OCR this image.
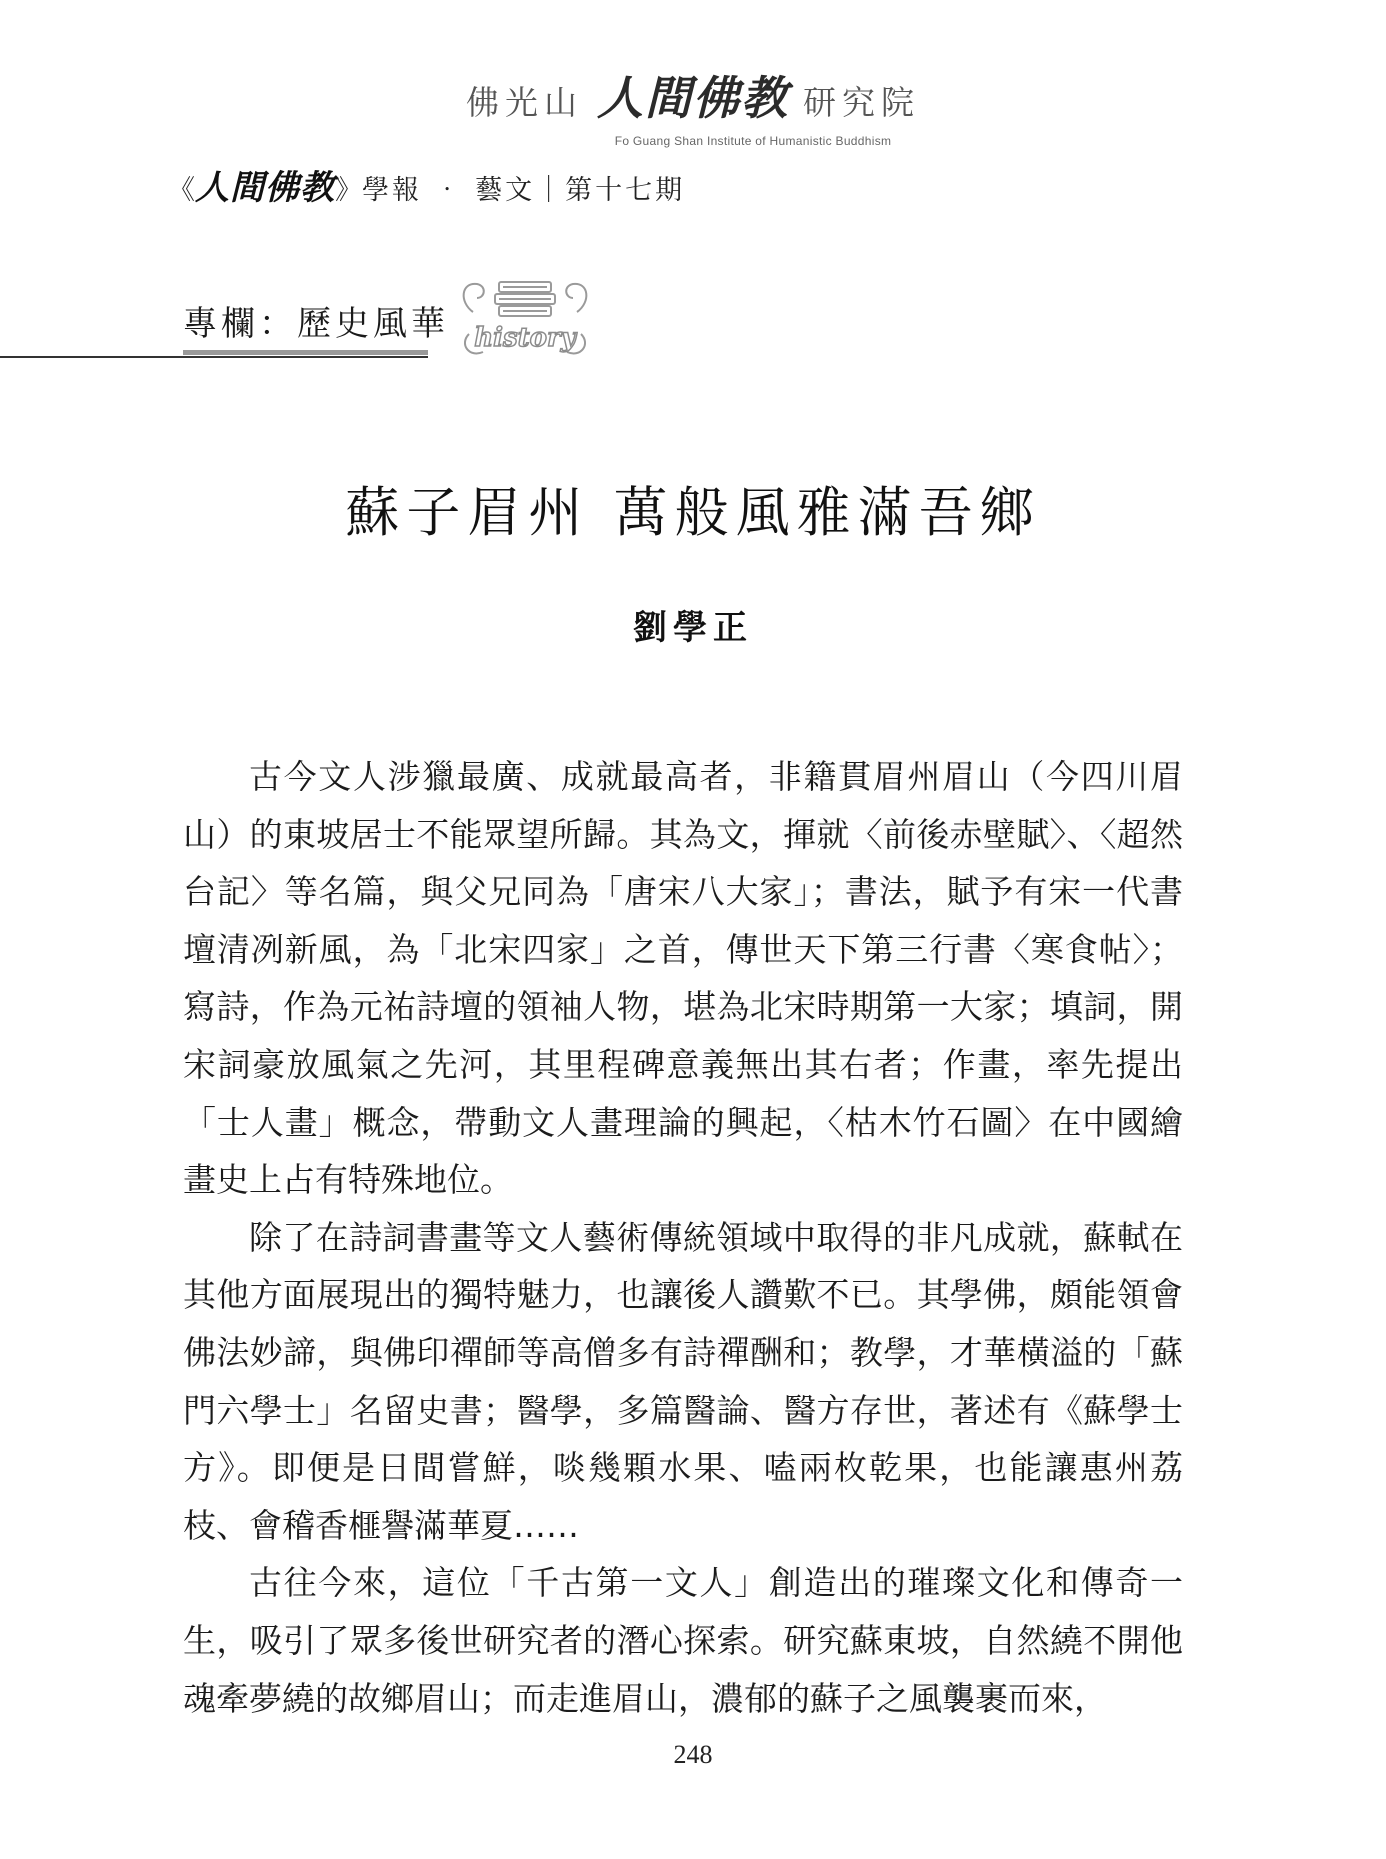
佛光山 人間佛教 研究院
Fo Guang Shan Institute of Humanistic Buddhism
《 人間佛教 》 學報 ‧ 藝文｜第十七期
專欄：歷史風華 history
蘇子眉州 萬般風雅滿吾鄉
劉學正

古今文人涉獵最廣、成就最高者，非籍貫眉州眉山（今四川眉山）的東坡居士不能眾望所歸。其為文，揮就〈前後赤壁賦〉、〈超然台記〉等名篇，與父兄同為「唐宋八大家」；書法，賦予有宋一代書壇清冽新風，為「北宋四家」之首，傳世天下第三行書〈寒食帖〉；寫詩，作為元祐詩壇的領袖人物，堪為北宋時期第一大家；填詞，開宋詞豪放風氣之先河，其里程碑意義無出其右者；作畫，率先提出「士人畫」概念，帶動文人畫理論的興起，〈枯木竹石圖〉在中國繪畫史上占有特殊地位。

除了在詩詞書畫等文人藝術傳統領域中取得的非凡成就，蘇軾在其他方面展現出的獨特魅力，也讓後人讚歎不已。其學佛，頗能領會佛法妙諦，與佛印禪師等高僧多有詩禪酬和；教學，才華橫溢的「蘇門六學士」名留史書；醫學，多篇醫論、醫方存世，著述有《蘇學士方》。即便是日間嘗鮮，啖幾顆水果、嗑兩枚乾果，也能讓惠州荔枝、會稽香榧譽滿華夏……

古往今來，這位「千古第一文人」創造出的璀璨文化和傳奇一生，吸引了眾多後世研究者的潛心探索。研究蘇東坡，自然繞不開他魂牽夢繞的故鄉眉山；而走進眉山，濃郁的蘇子之風襲裹而來，

248
